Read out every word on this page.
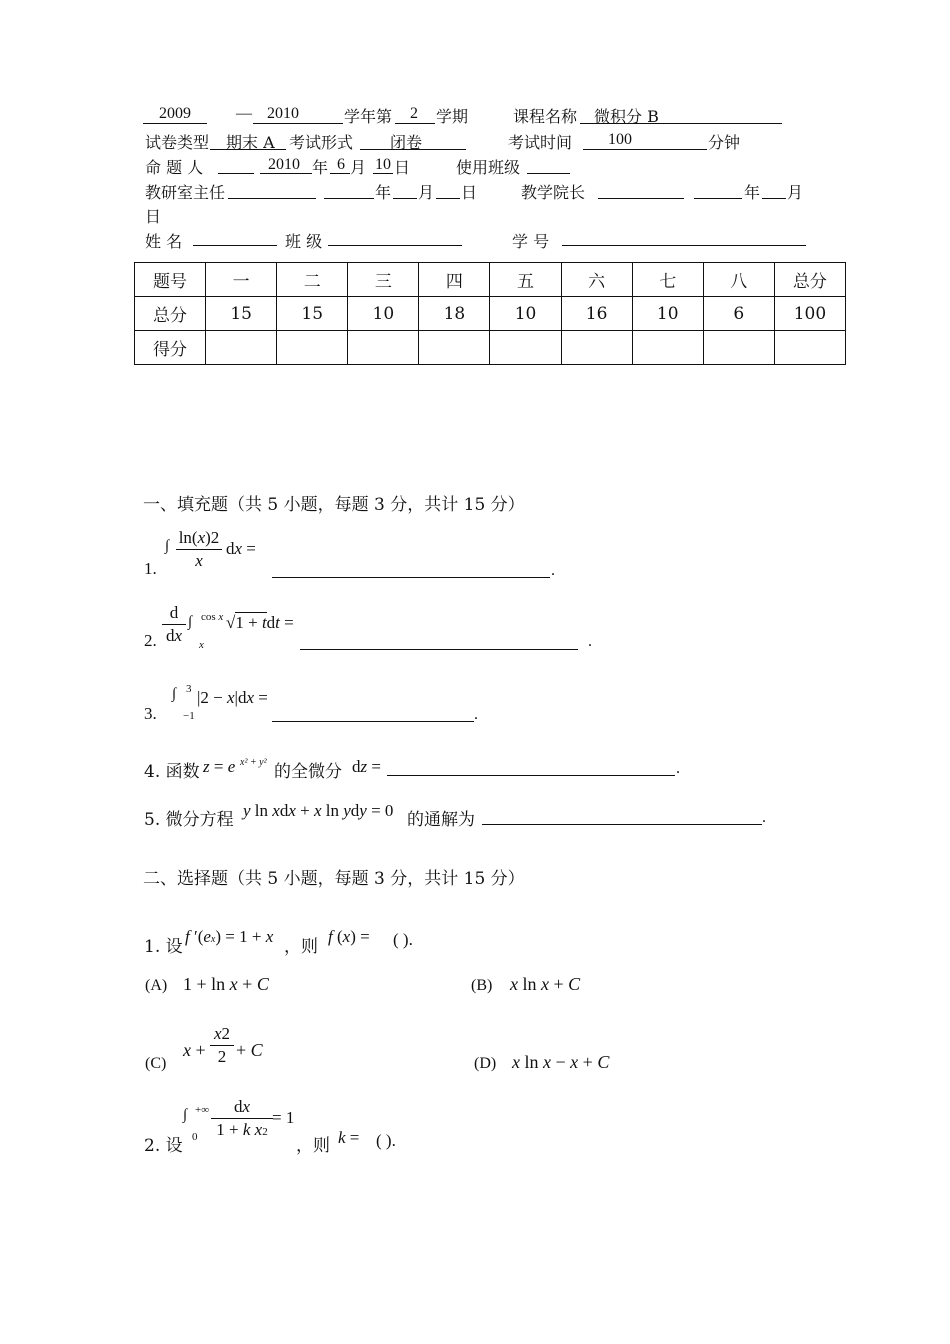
2009	— 2010	学年第 2 学期	课程名称 微积分 B
试卷类型 期末 A 考试形式 闭卷	考试时间 100	分钟
命 题 人	2010 年 6 月 10 日	使用班级
教研室主任	年 月 日	教学院长	年 月
日
姓 名	班 级	学 号
题号	一	二	三	四	五	六	七	八	总分
总分	15	15	10	18	10	16	10	6	100
得分									
一、填充题（共 5 小题，每题 3 分，共计 15 分）
1.
∫ ln(x)2
x
dx =
.
2.
d
dx
∫ cos x
x
√1 + tdt =
.
3.
∫ 3
−1
|2 − x|dx =
.
4. 函数 z = e x² + y² 的全微分 dz =	.
5. 微分方程 y ln xdx + x ln ydy = 0 的通解为	.
二、选择题（共 5 小题，每题 3 分，共计 15 分）
1. 设
f ′(ex) = 1 + x
，则
f (x) = ( ).
(A) 1 + ln x + C	(B) x ln x + C
(C)
x +
x2
2 + C
(D) x ln x − x + C
2. 设
∫ +∞
0
dx
1 + k x2
= 1
，则 k = ( ).
